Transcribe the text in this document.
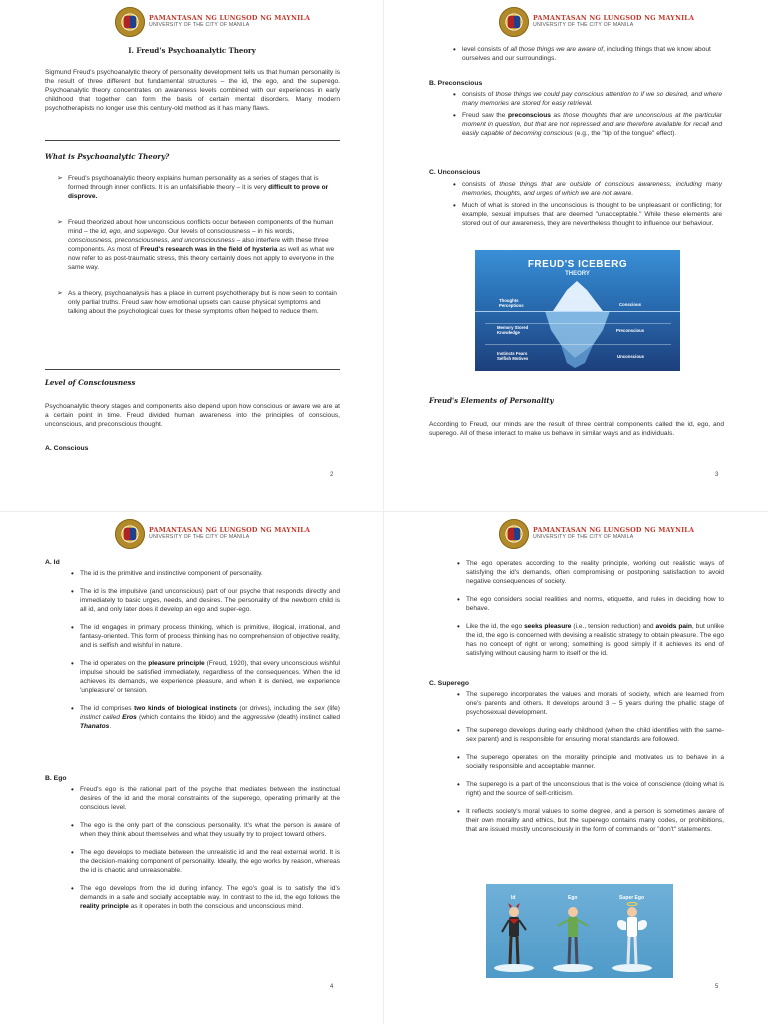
PAMANTASAN NG LUNGSOD NG MAYNILA
UNIVERSITY OF THE CITY OF MANILA
I. Freud's Psychoanalytic Theory
Sigmund Freud's psychoanalytic theory of personality development tells us that human personality is the result of three different but fundamental structures – the id, the ego, and the superego. Psychoanalytic theory concentrates on awareness levels combined with our experiences in early childhood that together can form the basis of certain mental disorders. Many modern psychotherapists no longer use this century-old method as it has many flaws.
What is Psychoanalytic Theory?
➢ Freud's psychoanalytic theory explains human personality as a series of stages that is formed through inner conflicts. It is an unfalsifiable theory – it is very difficult to prove or disprove.
➢ Freud theorized about how unconscious conflicts occur between components of the human mind – the id, ego, and superego. Our levels of consciousness – in his words, consciousness, preconsciousness, and unconsciousness – also interfere with these three components. As most of Freud's research was in the field of hysteria as well as what we now refer to as post-traumatic stress, this theory certainly does not apply to everyone in the same way.
➢ As a theory, psychoanalysis has a place in current psychotherapy but is now seen to contain only partial truths. Freud saw how emotional upsets can cause physical symptoms and talking about the psychological cues for these symptoms often helped to reduce them.
Level of Consciousness
Psychoanalytic theory stages and components also depend upon how conscious or aware we are at a certain point in time. Freud divided human awareness into the principles of conscious, unconscious, and preconscious thought.
A. Conscious
2
PAMANTASAN NG LUNGSOD NG MAYNILA
UNIVERSITY OF THE CITY OF MANILA
• level consists of all those things we are aware of, including things that we know about ourselves and our surroundings.
B. Preconscious
• consists of those things we could pay conscious attention to if we so desired, and where many memories are stored for easy retrieval.
• Freud saw the preconscious as those thoughts that are unconscious at the particular moment in question, but that are not repressed and are therefore available for recall and easily capable of becoming conscious (e.g., the "tip of the tongue" effect).
C. Unconscious
• consists of those things that are outside of conscious awareness, including many memories, thoughts, and urges of which we are not aware.
• Much of what is stored in the unconscious is thought to be unpleasant or conflicting; for example, sexual impulses that are deemed "unacceptable." While these elements are stored out of our awareness, they are nevertheless thought to influence our behaviour.
Freud's Elements of Personality
According to Freud, our minds are the result of three central components called the id, ego, and superego. All of these interact to make us behave in similar ways and as individuals.
3
FREUD'S ICEBERG
THEORY
Thoughts Perceptions
Memory Stored Knowledge
Instincts Fears Selfish Motives
Conscious
Preconscious
Unconscious
PAMANTASAN NG LUNGSOD NG MAYNILA
UNIVERSITY OF THE CITY OF MANILA
A. Id
• The id is the primitive and instinctive component of personality.
• The id is the impulsive (and unconscious) part of our psyche that responds directly and immediately to basic urges, needs, and desires. The personality of the newborn child is all id, and only later does it develop an ego and super-ego.
• The id engages in primary process thinking, which is primitive, illogical, irrational, and fantasy-oriented. This form of process thinking has no comprehension of objective reality, and is selfish and wishful in nature.
• The id operates on the pleasure principle (Freud, 1920), that every unconscious wishful impulse should be satisfied immediately, regardless of the consequences. When the id achieves its demands, we experience pleasure, and when it is denied, we experience 'unpleasure' or tension.
• The id comprises two kinds of biological instincts (or drives), including the sex (life) instinct called Eros (which contains the libido) and the aggressive (death) instinct called Thanatos.
B. Ego
• Freud's ego is the rational part of the psyche that mediates between the instinctual desires of the id and the moral constraints of the superego, operating primarily at the conscious level.
• The ego is the only part of the conscious personality. It's what the person is aware of when they think about themselves and what they usually try to project toward others.
• The ego develops to mediate between the unrealistic id and the real external world. It is the decision-making component of personality. Ideally, the ego works by reason, whereas the id is chaotic and unreasonable.
• The ego develops from the id during infancy. The ego's goal is to satisfy the id's demands in a safe and socially acceptable way. In contrast to the id, the ego follows the reality principle as it operates in both the conscious and unconscious mind.
4
PAMANTASAN NG LUNGSOD NG MAYNILA
UNIVERSITY OF THE CITY OF MANILA
• The ego operates according to the reality principle, working out realistic ways of satisfying the id's demands, often compromising or postponing satisfaction to avoid negative consequences of society.
• The ego considers social realities and norms, etiquette, and rules in deciding how to behave.
• Like the id, the ego seeks pleasure (i.e., tension reduction) and avoids pain, but unlike the id, the ego is concerned with devising a realistic strategy to obtain pleasure. The ego has no concept of right or wrong; something is good simply if it achieves its end of satisfying without causing harm to itself or the id.
C. Superego
• The superego incorporates the values and morals of society, which are learned from one's parents and others. It develops around 3 – 5 years during the phallic stage of psychosexual development.
• The superego develops during early childhood (when the child identifies with the same-sex parent) and is responsible for ensuring moral standards are followed.
• The superego operates on the morality principle and motivates us to behave in a socially responsible and acceptable manner.
• The superego is a part of the unconscious that is the voice of conscience (doing what is right) and the source of self-criticism.
• It reflects society's moral values to some degree, and a person is sometimes aware of their own morality and ethics, but the superego contains many codes, or prohibitions, that are issued mostly unconsciously in the form of commands or "don't" statements.
5
Id	Ego	Super Ego
